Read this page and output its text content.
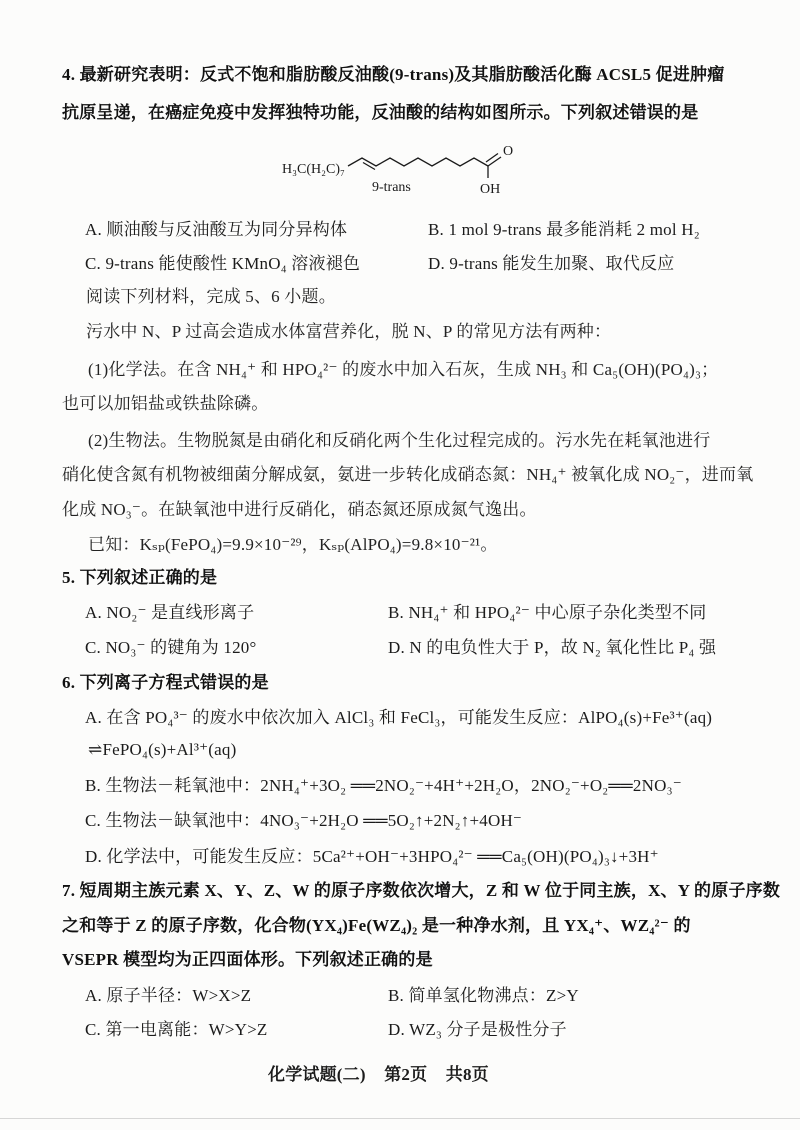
4. 最新研究表明：反式不饱和脂肪酸反油酸(9-trans)及其脂肪酸活化酶 ACSL5 促进肿瘤
抗原呈递，在癌症免疫中发挥独特功能，反油酸的结构如图所示。下列叙述错误的是
H₃C(H₂C)₇
O
OH
9-trans
A. 顺油酸与反油酸互为同分异构体	B. 1 mol 9-trans 最多能消耗 2 mol H₂
C. 9-trans 能使酸性 KMnO₄ 溶液褪色	D. 9-trans 能发生加聚、取代反应
阅读下列材料，完成 5、6 小题。
污水中 N、P 过高会造成水体富营养化，脱 N、P 的常见方法有两种：
(1)化学法。在含 NH₄⁺ 和 HPO₄²⁻ 的废水中加入石灰，生成 NH₃ 和 Ca₅(OH)(PO₄)₃；
也可以加铝盐或铁盐除磷。
(2)生物法。生物脱氮是由硝化和反硝化两个生化过程完成的。污水先在耗氧池进行
硝化使含氮有机物被细菌分解成氨，氨进一步转化成硝态氮：NH₄⁺ 被氧化成 NO₂⁻，进而氧
化成 NO₃⁻。在缺氧池中进行反硝化，硝态氮还原成氮气逸出。
已知：Kₛₚ(FePO₄)=9.9×10⁻²⁹，Kₛₚ(AlPO₄)=9.8×10⁻²¹。
5. 下列叙述正确的是
A. NO₂⁻ 是直线形离子	B. NH₄⁺ 和 HPO₄²⁻ 中心原子杂化类型不同
C. NO₃⁻ 的键角为 120°	D. N 的电负性大于 P，故 N₂ 氧化性比 P₄ 强
6. 下列离子方程式错误的是
A. 在含 PO₄³⁻ 的废水中依次加入 AlCl₃ 和 FeCl₃，可能发生反应：AlPO₄(s)+Fe³⁺(aq)
⇌FePO₄(s)+Al³⁺(aq)
B. 生物法－耗氧池中：2NH₄⁺+3O₂ ══2NO₂⁻+4H⁺+2H₂O，2NO₂⁻+O₂══2NO₃⁻
C. 生物法－缺氧池中：4NO₃⁻+2H₂O ══5O₂↑+2N₂↑+4OH⁻
D. 化学法中，可能发生反应：5Ca²⁺+OH⁻+3HPO₄²⁻ ══Ca₅(OH)(PO₄)₃↓+3H⁺
7. 短周期主族元素 X、Y、Z、W 的原子序数依次增大，Z 和 W 位于同主族，X、Y 的原子序数
之和等于 Z 的原子序数，化合物(YX₄)Fe(WZ₄)₂ 是一种净水剂，且 YX₄⁺、WZ₄²⁻ 的
VSEPR 模型均为正四面体形。下列叙述正确的是
A. 原子半径：W>X>Z	B. 简单氢化物沸点：Z>Y
C. 第一电离能：W>Y>Z	D. WZ₃ 分子是极性分子
化学试题(二) 第2页 共8页
